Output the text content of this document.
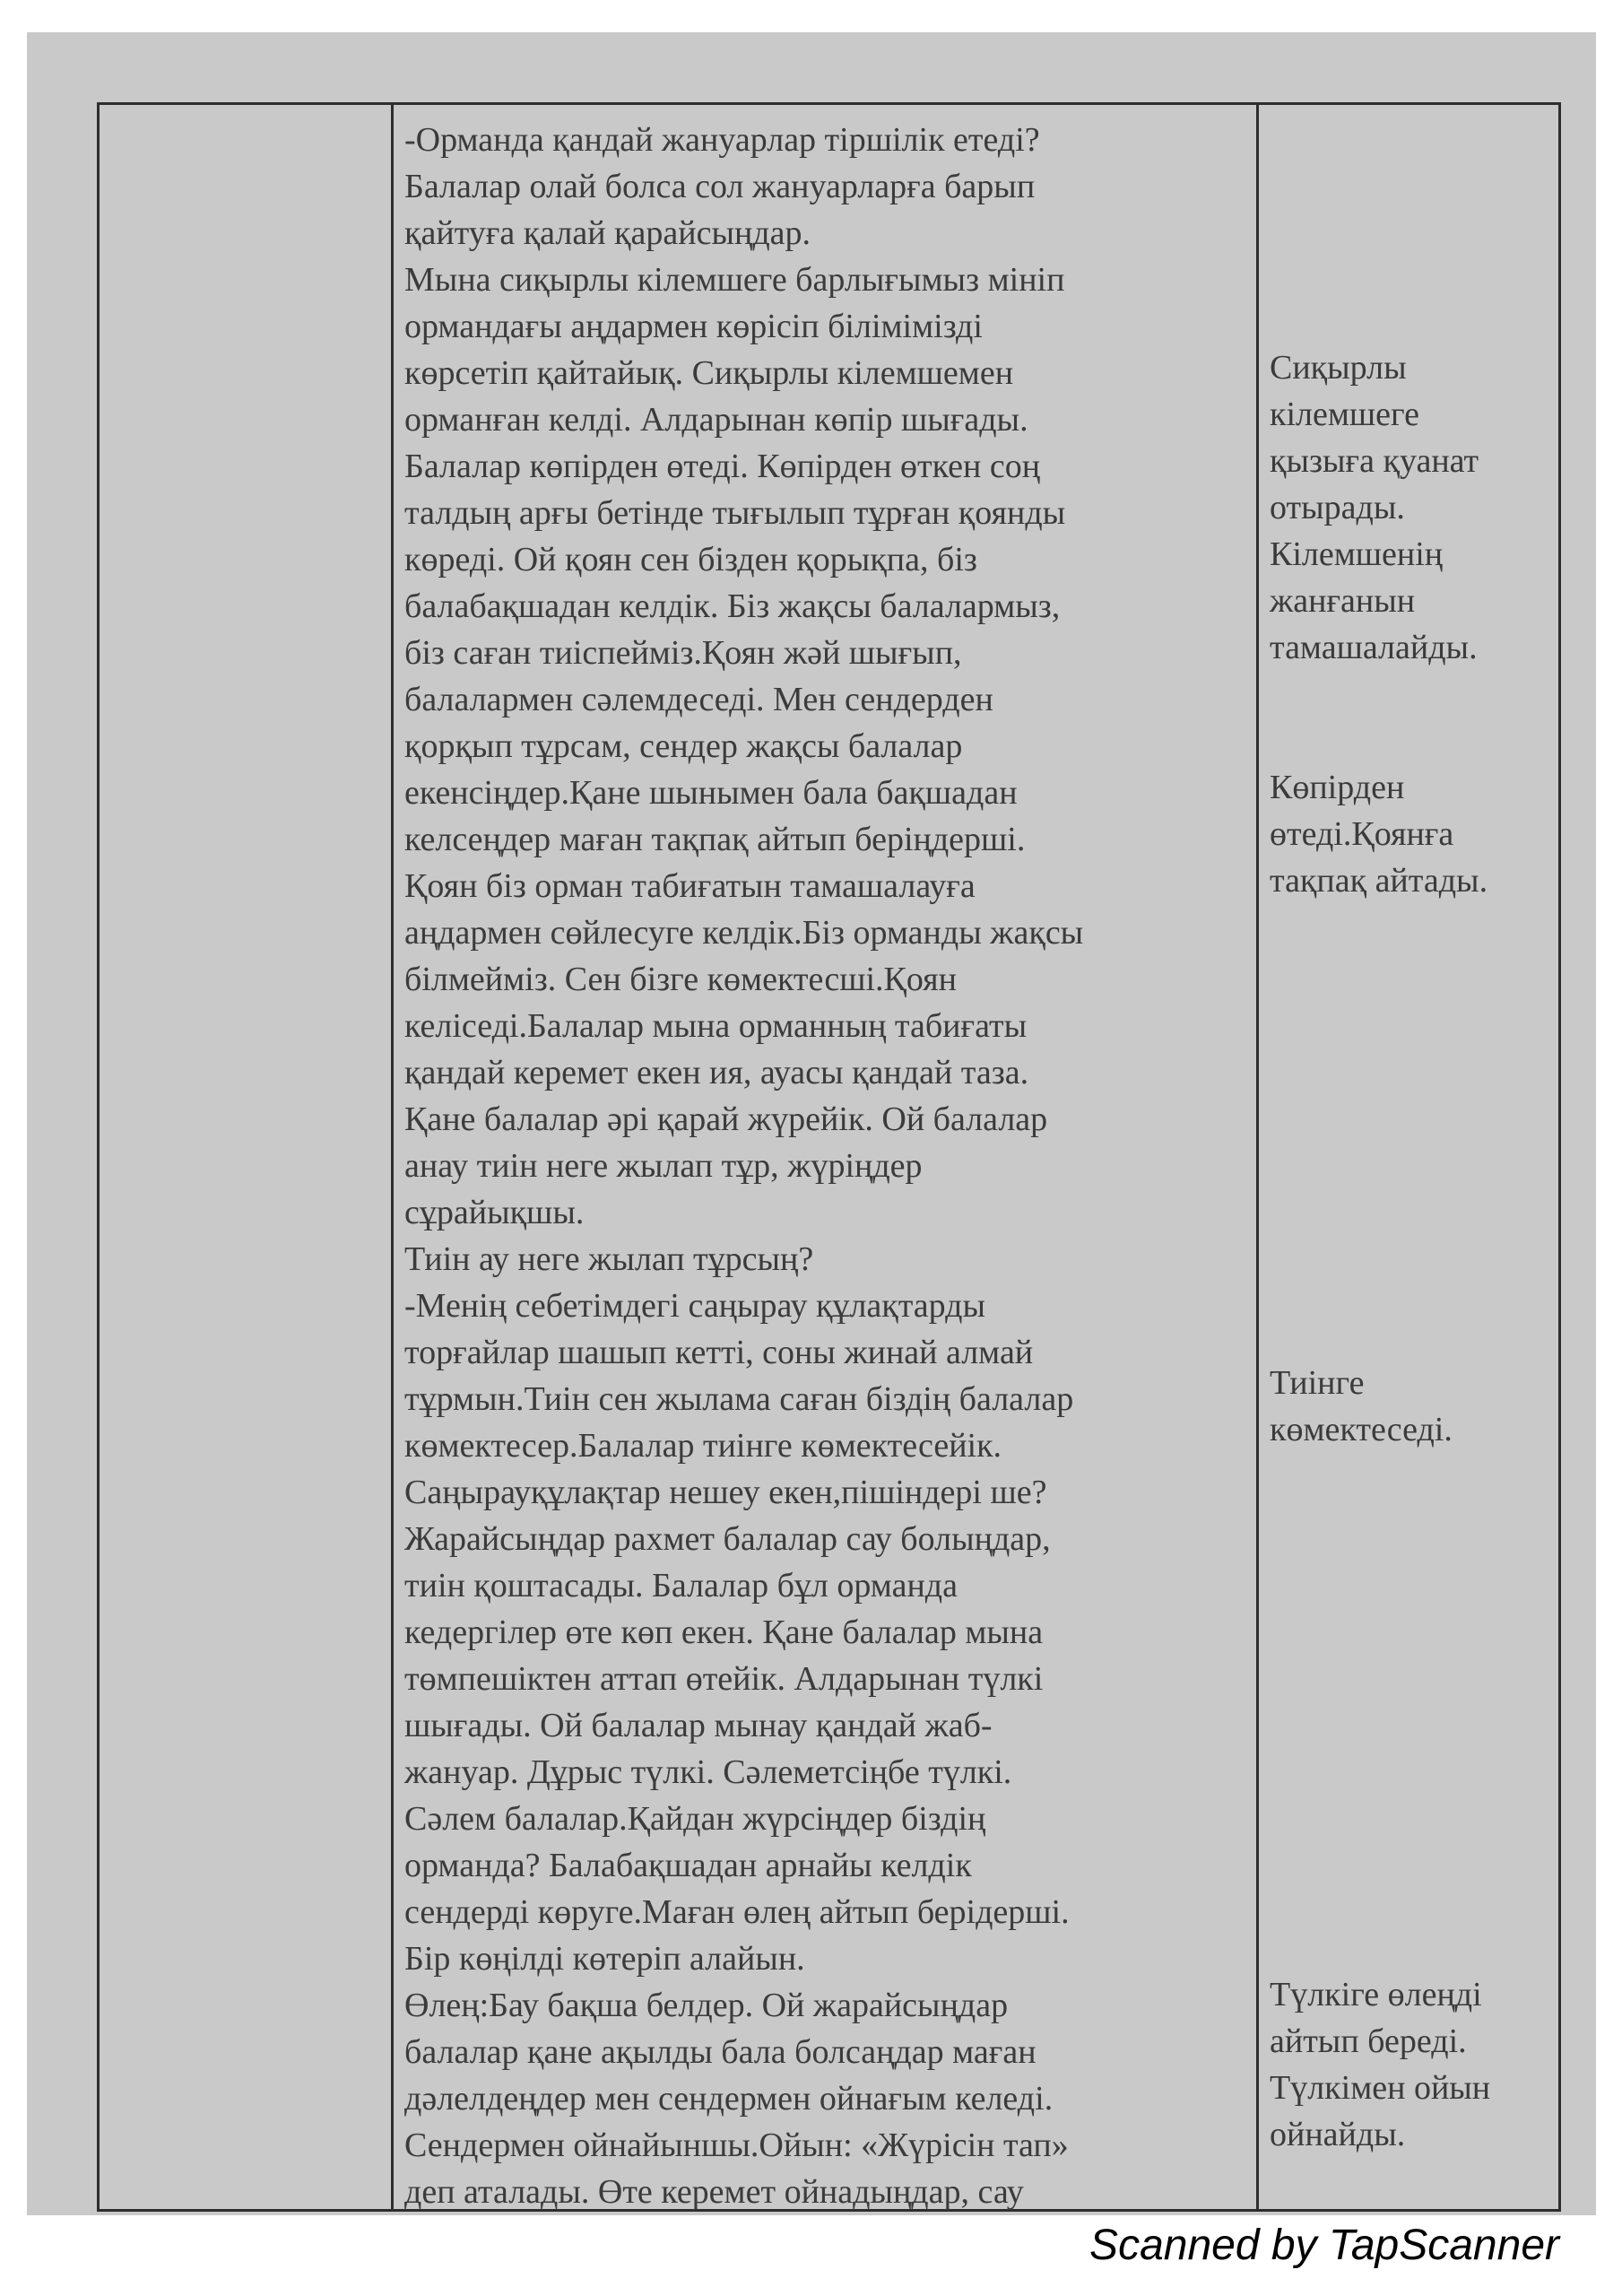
-Орманда қандай жануарлар тіршілік етеді?
Балалар олай болса сол жануарларға барып
қайтуға қалай қарайсыңдар.
Мына сиқырлы кілемшеге барлығымыз мініп
ормандағы аңдармен көрісіп білімімізді
көрсетіп қайтайық. Сиқырлы кілемшемен
орманған келді. Алдарынан көпір шығады.
Балалар көпірден өтеді. Көпірден өткен соң
талдың арғы бетінде тығылып тұрған қоянды
көреді. Ой қоян сен бізден қорықпа, біз
балабақшадан келдік. Біз жақсы балалармыз,
біз саған тиіспейміз.Қоян жәй шығып,
балалармен сәлемдеседі. Мен сендерден
қорқып тұрсам, сендер жақсы балалар
екенсіңдер.Қане шынымен бала бақшадан
келсеңдер маған тақпақ айтып беріңдерші.
Қоян біз орман табиғатын тамашалауға
аңдармен сөйлесуге келдік.Біз орманды жақсы
білмейміз. Сен бізге көмектесші.Қоян
келіседі.Балалар мына орманның табиғаты
қандай керемет екен ия, ауасы қандай таза.
Қане балалар әрі қарай жүрейік. Ой балалар
анау тиін неге жылап тұр, жүріңдер
сұрайықшы.
Тиін ау неге жылап тұрсың?
-Менің себетімдегі саңырау құлақтарды
торғайлар шашып кетті, соны жинай алмай
тұрмын.Тиін сен жылама саған біздің балалар
көмектесер.Балалар тиінге көмектесейік.
Саңырауқұлақтар нешеу екен,пішіндері ше?
Жарайсыңдар рахмет балалар сау болыңдар,
тиін қоштасады. Балалар бұл орманда
кедергілер өте көп екен. Қане балалар мына
төмпешіктен аттап өтейік. Алдарынан түлкі
шығады. Ой балалар мынау қандай жаб-
жануар. Дұрыс түлкі. Сәлеметсіңбе түлкі.
Сәлем балалар.Қайдан жүрсіңдер біздің
орманда? Балабақшадан арнайы келдік
сендерді көруге.Маған өлең айтып берідерші.
Бір көңілді көтеріп алайын.
Өлең:Бау бақша белдер. Ой жарайсыңдар
балалар қане ақылды бала болсаңдар маған
дәлелдеңдер мен сендермен ойнағым келеді.
Сендермен ойнайыншы.Ойын: «Жүрісін тап»
деп аталады. Өте керемет ойнадыңдар, сау
Сиқырлы
кілемшеге
қызыға қуанат
отырады.
Кілемшенің
жанғанын
тамашалайды.
Көпірден
өтеді.Қоянға
тақпақ айтады.
Тиінге
көмектеседі.
Түлкіге өлеңді
айтып береді.
Түлкімен ойын
ойнайды.
Scanned by TapScanner
